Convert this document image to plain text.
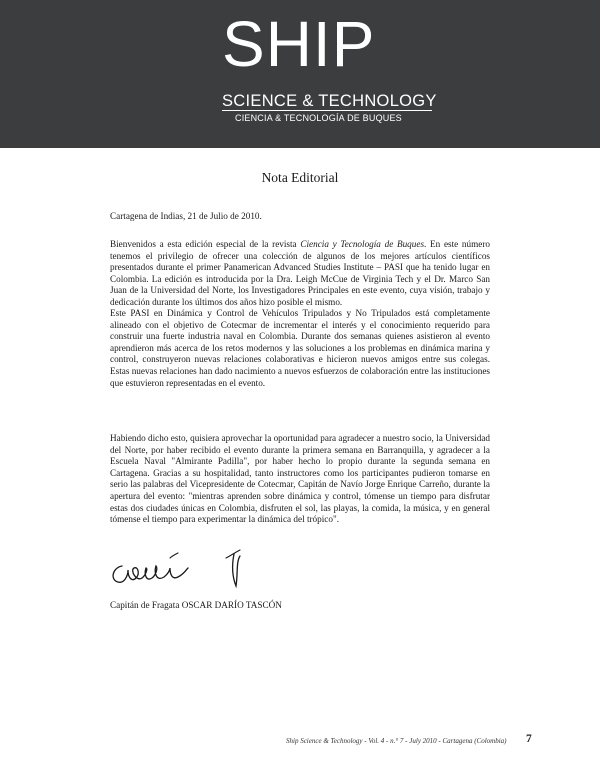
SHIP
SCIENCE & TECHNOLOGY
CIENCIA & TECNOLOGÍA DE BUQUES
Nota Editorial

Cartagena de Indias, 21 de Julio de 2010.

Bienvenidos a esta edición especial de la revista Ciencia y Tecnología de Buques. En este número tenemos el privilegio de ofrecer una colección de algunos de los mejores artículos científicos presentados durante el primer Panamerican Advanced Studies Institute – PASI que ha tenido lugar en Colombia. La edición es introducida por la Dra. Leigh McCue de Virginia Tech y el Dr. Marco San Juan de la Universidad del Norte, los Investigadores Principales en este evento, cuya visión, trabajo y dedicación durante los últimos dos años hizo posible el mismo.

Este PASI en Dinámica y Control de Vehículos Tripulados y No Tripulados está completamente alineado con el objetivo de Cotecmar de incrementar el interés y el conocimiento requerido para construir una fuerte industria naval en Colombia. Durante dos semanas quienes asistieron al evento aprendieron más acerca de los retos modernos y las soluciones a los problemas en dinámica marina y control, construyeron nuevas relaciones colaborativas e hicieron nuevos amigos entre sus colegas. Estas nuevas relaciones han dado nacimiento a nuevos esfuerzos de colaboración entre las instituciones que estuvieron representadas en el evento.

Habiendo dicho esto, quisiera aprovechar la oportunidad para agradecer a nuestro socio, la Universidad del Norte, por haber recibido el evento durante la primera semana en Barranquilla, y agradecer a la Escuela Naval "Almirante Padilla", por haber hecho lo propio durante la segunda semana en Cartagena. Gracias a su hospitalidad, tanto instructores como los participantes pudieron tomarse en serio las palabras del Vicepresidente de Cotecmar, Capitán de Navío Jorge Enrique Carreño, durante la apertura del evento: "mientras aprenden sobre dinámica y control, tómense un tiempo para disfrutar estas dos ciudades únicas en Colombia, disfruten el sol, las playas, la comida, la música, y en general tómense el tiempo para experimentar la dinámica del trópico".

Capitán de Fragata OSCAR DARÍO TASCÓN
Ship Science & Technology - Vol. 4 - n.° 7 - July 2010 - Cartagena (Colombia) 7
